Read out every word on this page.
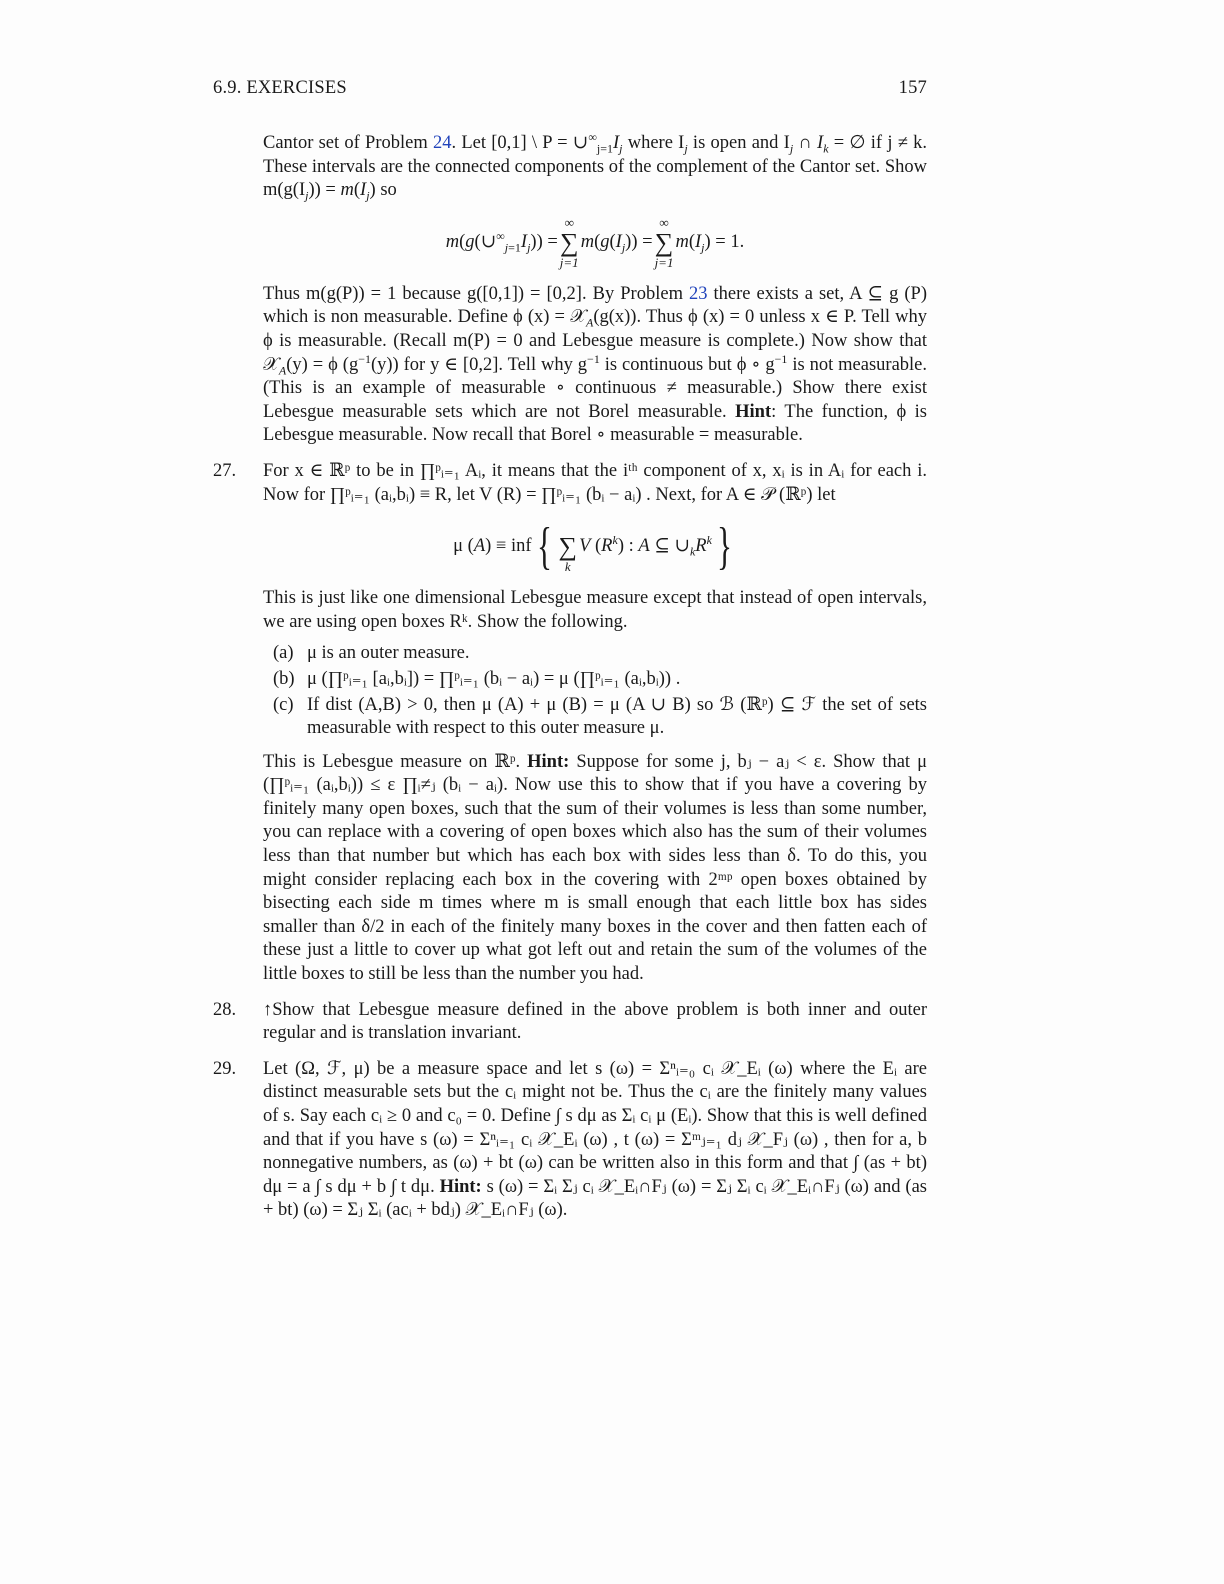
6.9. EXERCISES	157

Cantor set of Problem 24. Let [0,1] \ $P = \cup^\infty_{j=1}I_j$ where $I_j$ is open and $I_j$ ∩ $I_k$ = ∅ if j ≠ k. These intervals are the connected components of the complement of the Cantor set. Show $m(g(I_j)) = m(I_j)$ so

$m(g(\cup^\infty_{j=1}I_j))$ =
∞
∑
j=1
$m(g(I_j))$ =
∞
∑
j=1
$m(I_j) = 1$.

Thus m(g(P)) = 1 because g([0,1]) = [0,2]. By Problem 23 there exists a set, A ⊆ g (P) which is non measurable. Define ϕ (x) = 𝒳$_A$(g(x)). Thus ϕ (x) = 0 unless x ∈ P. Tell why ϕ is measurable. (Recall m(P) = 0 and Lebesgue measure is complete.) Now show that 𝒳$_A$(y) = ϕ $(g^{-1}(y))$ for y ∈ [0,2]. Tell why $g^{-1}$ is continuous but ϕ ∘ $g^{-1}$ is not measurable. (This is an example of measurable ∘ continuous ≠ measurable.) Show there exist Lebesgue measurable sets which are not Borel measurable. Hint: The function, ϕ is Lebesgue measurable. Now recall that Borel ∘ measurable = measurable.

27.	For x ∈ ℝᵖ to be in ∏ᵖᵢ₌₁ Aᵢ, it means that the iᵗʰ component of x, xᵢ is in Aᵢ for each i. Now for ∏ᵖᵢ₌₁ (aᵢ,bᵢ) ≡ R, let V (R) = ∏ᵖᵢ₌₁ (bᵢ − aᵢ) . Next, for A ∈ 𝒫 (ℝᵖ) let

μ (A) ≡ inf {
∑
k
V $(R^k)$ : A ⊆ $\cup_kR^k$ }

This is just like one dimensional Lebesgue measure except that instead of open intervals, we are using open boxes Rᵏ. Show the following.

(a) μ is an outer measure.
(b) μ (∏ᵖᵢ₌₁ [aᵢ,bᵢ]) = ∏ᵖᵢ₌₁ (bᵢ − aᵢ) = μ (∏ᵖᵢ₌₁ (aᵢ,bᵢ)) .
(c) If dist (A,B) > 0, then μ (A) + μ (B) = μ (A ∪ B) so ℬ (ℝᵖ) ⊆ ℱ the set of sets measurable with respect to this outer measure μ.

This is Lebesgue measure on ℝᵖ. Hint: Suppose for some j, bⱼ − aⱼ < ε. Show that μ (∏ᵖᵢ₌₁ (aᵢ,bᵢ)) ≤ ε ∏ᵢ≠ⱼ (bᵢ − aᵢ). Now use this to show that if you have a covering by finitely many open boxes, such that the sum of their volumes is less than some number, you can replace with a covering of open boxes which also has the sum of their volumes less than that number but which has each box with sides less than δ. To do this, you might consider replacing each box in the covering with 2ᵐᵖ open boxes obtained by bisecting each side m times where m is small enough that each little box has sides smaller than δ/2 in each of the finitely many boxes in the cover and then fatten each of these just a little to cover up what got left out and retain the sum of the volumes of the little boxes to still be less than the number you had.

28.	↑Show that Lebesgue measure defined in the above problem is both inner and outer regular and is translation invariant.

29.	Let (Ω, ℱ, μ) be a measure space and let s (ω) = Σⁿᵢ₌₀ cᵢ 𝒳_Eᵢ (ω) where the Eᵢ are distinct measurable sets but the cᵢ might not be. Thus the cᵢ are the finitely many values of s. Say each cᵢ ≥ 0 and c₀ = 0. Define ∫ s dμ as Σᵢ cᵢ μ (Eᵢ). Show that this is well defined and that if you have s (ω) = Σⁿᵢ₌₁ cᵢ 𝒳_Eᵢ (ω) , t (ω) = Σᵐⱼ₌₁ dⱼ 𝒳_Fⱼ (ω) , then for a, b nonnegative numbers, as (ω) + bt (ω) can be written also in this form and that ∫ (as + bt) dμ = a ∫ s dμ + b ∫ t dμ. Hint: s (ω) = Σᵢ Σⱼ cᵢ 𝒳_Eᵢ∩Fⱼ (ω) = Σⱼ Σᵢ cᵢ 𝒳_Eᵢ∩Fⱼ (ω) and (as + bt) (ω) = Σⱼ Σᵢ (acᵢ + bdⱼ) 𝒳_Eᵢ∩Fⱼ (ω).
